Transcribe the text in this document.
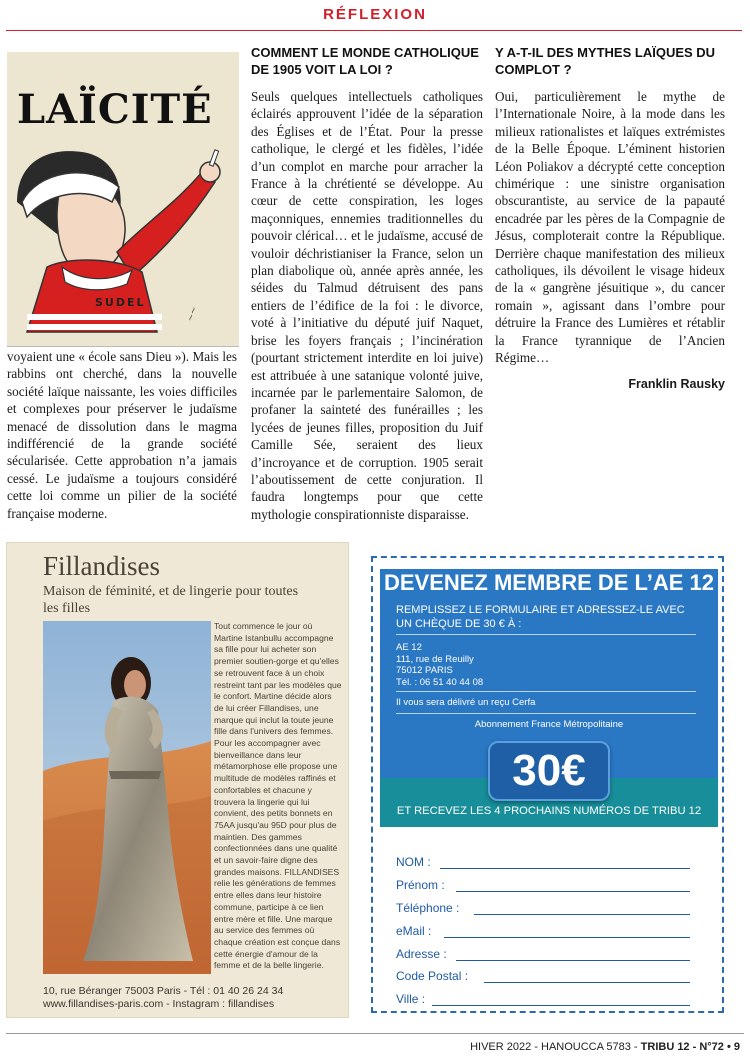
RÉFLEXION
~~
LAÏCITÉ
SUDEL
voyaient une « école sans Dieu »). Mais les rabbins ont cherché, dans la nouvelle société laïque naissante, les voies difficiles et complexes pour préserver le judaïsme menacé de dissolution dans le magma indifférencié de la grande société sécularisée. Cette approbation n’a jamais cessé. Le judaïsme a toujours considéré cette loi comme un pilier de la société française moderne.
COMMENT LE MONDE CATHOLIQUE DE 1905 VOIT LA LOI ?
Seuls quelques intellectuels catholiques éclairés approuvent l’idée de la séparation des Églises et de l’État. Pour la presse catholique, le clergé et les fidèles, l’idée d’un complot en marche pour arracher la France à la chrétienté se développe. Au cœur de cette conspiration, les loges maçonniques, ennemies traditionnelles du pouvoir clérical… et le judaïsme, accusé de vouloir déchristianiser la France, selon un plan diabolique où, année après année, les séides du Talmud détruisent des pans entiers de l’édifice de la foi : le divorce, voté à l’initiative du député juif Naquet, brise les foyers français ; l’incinération (pourtant strictement interdite en loi juive) est attribuée à une satanique volonté juive, incarnée par le parlementaire Salomon, de profaner la sainteté des funérailles ; les lycées de jeunes filles, proposition du Juif Camille Sée, seraient des lieux d’incroyance et de corruption. 1905 serait l’aboutissement de cette conjuration. Il faudra longtemps pour que cette mythologie conspirationniste disparaisse.
Y A-T-IL DES MYTHES LAÏQUES DU COMPLOT ?
Oui, particulièrement le mythe de l’Internationale Noire, à la mode dans les milieux rationalistes et laïques extrémistes de la Belle Époque. L’éminent historien Léon Poliakov a décrypté cette conception chimérique : une sinistre organisation obscurantiste, au service de la papauté encadrée par les pères de la Compagnie de Jésus, comploterait contre la République. Derrière chaque manifestation des milieux catholiques, ils dévoilent le visage hideux de la « gangrène jésuitique », du cancer romain », agissant dans l’ombre pour détruire la France des Lumières et rétablir la France tyrannique de l’Ancien Régime…
Franklin Rausky
Fillandises
Maison de féminité, et de lingerie pour toutes les filles
Tout commence le jour où Martine Istanbullu accompagne sa fille pour lui acheter son premier soutien-gorge et qu'elles se retrouvent face à un choix restreint tant par les modèles que le confort. Martine décide alors de lui créer Fillandises, une marque qui inclut la toute jeune fille dans l'univers des femmes. Pour les accompagner avec bienveillance dans leur métamorphose elle propose une multitude de modèles raffinés et confortables et chacune y trouvera la lingerie qui lui convient, des petits bonnets en 75AA jusqu'au 95D pour plus de maintien. Des gammes confectionnées dans une qualité et un savoir-faire digne des grandes maisons. FILLANDISES relie les générations de femmes entre elles dans leur histoire commune, participe à ce lien entre mère et fille. Une marque au service des femmes où chaque création est conçue dans cette énergie d'amour de la femme et de la belle lingerie.
10, rue Béranger 75003 Paris - Tél : 01 40 26 24 34
www.fillandises-paris.com - Instagram : fillandises
DEVENEZ MEMBRE DE L’AE 12
REMPLISSEZ LE FORMULAIRE ET ADRESSEZ-LE AVEC UN CHÈQUE DE 30 € À :
AE 12
111, rue de Reuilly
75012 PARIS
Tél. : 06 51 40 44 08
Il vous sera délivré un reçu Cerfa
Abonnement France Métropolitaine
30€
ET RECEVEZ LES 4 PROCHAINS NUMÉROS DE TRIBU 12
NOM :
Prénom :
Téléphone :
eMail :
Adresse :
Code Postal :
Ville :
HIVER 2022 - HANOUCCA 5783 - TRIBU 12 - N°72 • 9
